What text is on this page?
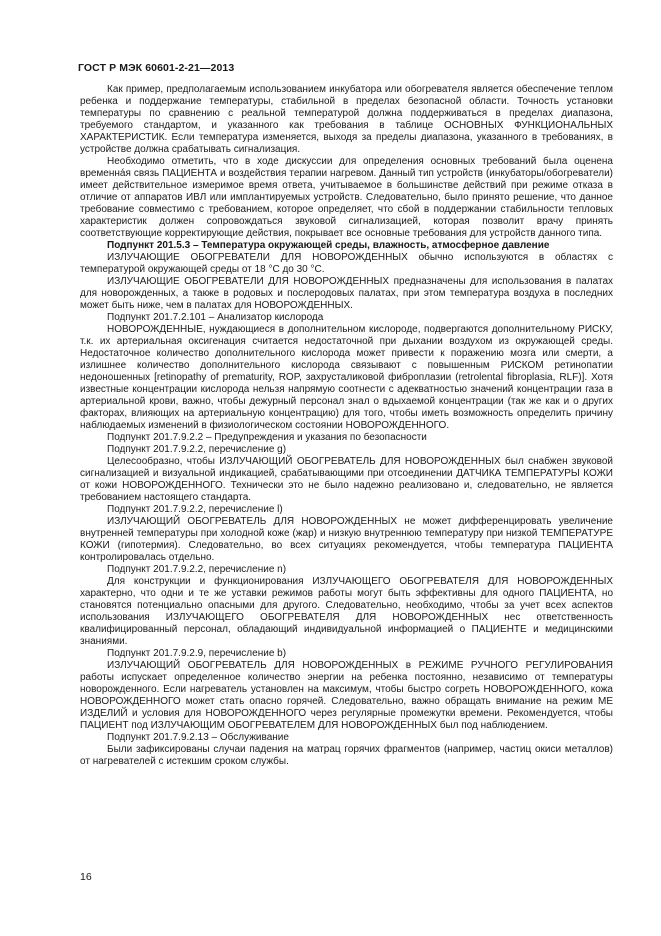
ГОСТ Р МЭК 60601-2-21—2013

Как пример, предполагаемым использованием инкубатора или обогревателя является обеспечение теплом ребенка и поддержание температуры, стабильной в пределах безопасной области. Точность установки температуры по сравнению с реальной температурой должна поддерживаться в пределах диапазона, требуемого стандартом, и указанного как требования в таблице ОСНОВНЫХ ФУНКЦИОНАЛЬНЫХ ХАРАКТЕРИСТИК. Если температура изменяется, выходя за пределы диапазона, указанного в требованиях, в устройстве должна срабатывать сигнализация.

Необходимо отметить, что в ходе дискуссии для определения основных требований была оценена временнáя связь ПАЦИЕНТА и воздействия терапии нагревом. Данный тип устройств (инкубаторы/обогреватели) имеет действительное измеримое время ответа, учитываемое в большинстве действий при режиме отказа в отличие от аппаратов ИВЛ или имплантируемых устройств. Следовательно, было принято решение, что данное требование совместимо с требованием, которое определяет, что сбой в поддержании стабильности тепловых характеристик должен сопровождаться звуковой сигнализацией, которая позволит врачу принять соответствующие корректирующие действия, покрывает все основные требования для устройств данного типа.

Подпункт 201.5.3 – Температура окружающей среды, влажность, атмосферное давление

ИЗЛУЧАЮЩИЕ ОБОГРЕВАТЕЛИ ДЛЯ НОВОРОЖДЕННЫХ обычно используются в областях с температурой окружающей среды от 18 °С до 30 °С.

ИЗЛУЧАЮЩИЕ ОБОГРЕВАТЕЛИ ДЛЯ НОВОРОЖДЕННЫХ предназначены для использования в палатах для новорожденных, а также в родовых и послеродовых палатах, при этом температура воздуха в последних может быть ниже, чем в палатах для НОВОРОЖДЕННЫХ.

Подпункт 201.7.2.101 – Анализатор кислорода

НОВОРОЖДЕННЫЕ, нуждающиеся в дополнительном кислороде, подвергаются дополнительному РИСКУ, т.к. их артериальная оксигенация считается недостаточной при дыхании воздухом из окружающей среды. Недостаточное количество дополнительного кислорода может привести к поражению мозга или смерти, а излишнее количество дополнительного кислорода связывают с повышенным РИСКОМ ретинопатии недоношенных [retinopathy of prematurity, ROP, захрусталиковой фиброплазии (retrolental fibroplasia, RLF)]. Хотя известные концентрации кислорода нельзя напрямую соотнести с адекватностью значений концентрации газа в артериальной крови, важно, чтобы дежурный персонал знал о вдыхаемой концентрации (так же как и о других факторах, влияющих на артериальную концентрацию) для того, чтобы иметь возможность определить причину наблюдаемых изменений в физиологическом состоянии НОВОРОЖДЕННОГО.

Подпункт 201.7.9.2.2 – Предупреждения и указания по безопасности

Подпункт 201.7.9.2.2, перечисление g)

Целесообразно, чтобы ИЗЛУЧАЮЩИЙ ОБОГРЕВАТЕЛЬ ДЛЯ НОВОРОЖДЕННЫХ был снабжен звуковой сигнализацией и визуальной индикацией, срабатывающими при отсоединении ДАТЧИКА ТЕМПЕРАТУРЫ КОЖИ от кожи НОВОРОЖДЕННОГО. Технически это не было надежно реализовано и, следовательно, не является требованием настоящего стандарта.

Подпункт 201.7.9.2.2, перечисление l)

ИЗЛУЧАЮЩИЙ ОБОГРЕВАТЕЛЬ ДЛЯ НОВОРОЖДЕННЫХ не может дифференцировать увеличение внутренней температуры при холодной коже (жар) и низкую внутреннюю температуру при низкой ТЕМПЕРАТУРЕ КОЖИ (гипотермия). Следовательно, во всех ситуациях рекомендуется, чтобы температура ПАЦИЕНТА контролировалась отдельно.

Подпункт 201.7.9.2.2, перечисление n)

Для конструкции и функционирования ИЗЛУЧАЮЩЕГО ОБОГРЕВАТЕЛЯ ДЛЯ НОВОРОЖДЕННЫХ характерно, что одни и те же уставки режимов работы могут быть эффективны для одного ПАЦИЕНТА, но становятся потенциально опасными для другого. Следовательно, необходимо, чтобы за учет всех аспектов использования ИЗЛУЧАЮЩЕГО ОБОГРЕВАТЕЛЯ ДЛЯ НОВОРОЖДЕННЫХ нес ответственность квалифицированный персонал, обладающий индивидуальной информацией о ПАЦИЕНТЕ и медицинскими знаниями.

Подпункт 201.7.9.2.9, перечисление b)

ИЗЛУЧАЮЩИЙ ОБОГРЕВАТЕЛЬ ДЛЯ НОВОРОЖДЕННЫХ в РЕЖИМЕ РУЧНОГО РЕГУЛИРОВАНИЯ работы испускает определенное количество энергии на ребенка постоянно, независимо от температуры новорожденного. Если нагреватель установлен на максимум, чтобы быстро согреть НОВОРОЖДЕННОГО, кожа НОВОРОЖДЕННОГО может стать опасно горячей. Следовательно, важно обращать внимание на режим МЕ ИЗДЕЛИЙ и условия для НОВОРОЖДЕННОГО через регулярные промежутки времени. Рекомендуется, чтобы ПАЦИЕНТ под ИЗЛУЧАЮЩИМ ОБОГРЕВАТЕЛЕМ ДЛЯ НОВОРОЖДЕННЫХ был под наблюдением.

Подпункт 201.7.9.2.13 – Обслуживание

Были зафиксированы случаи падения на матрац горячих фрагментов (например, частиц окиси металлов) от нагревателей с истекшим сроком службы.

16
